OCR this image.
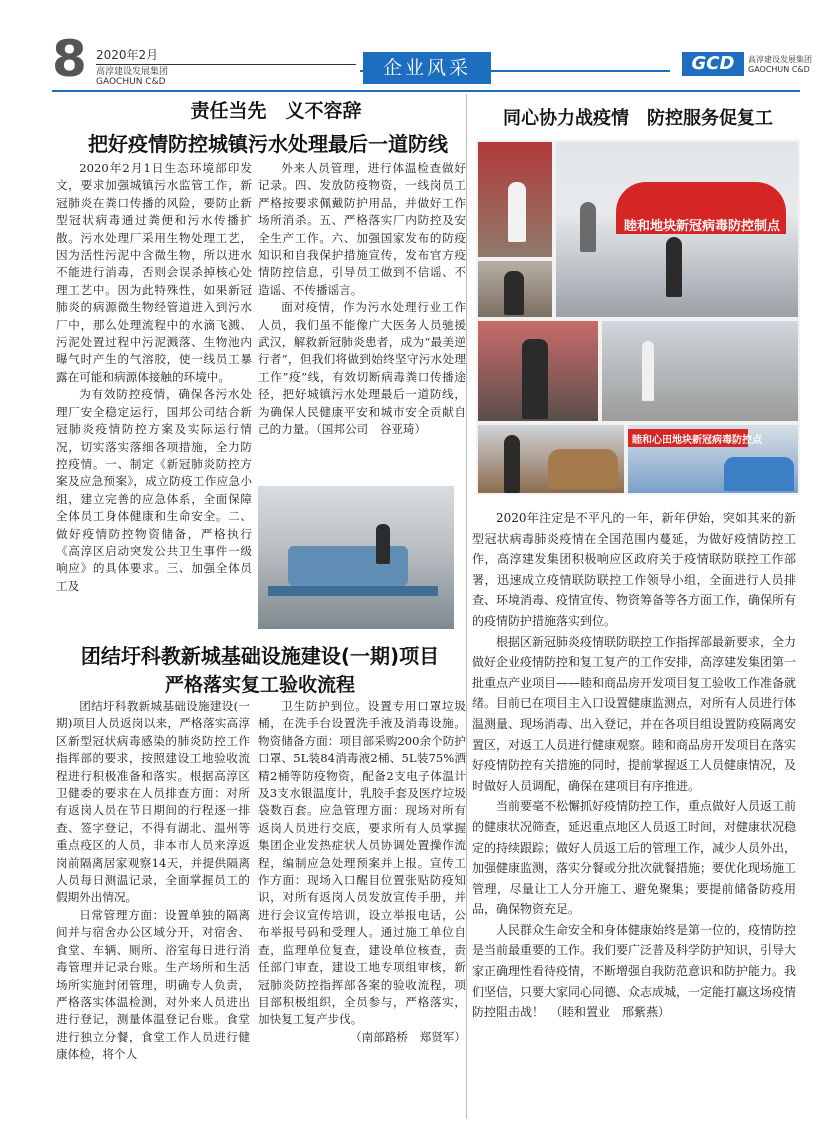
8 2020年2月
高淳建设发展集团
GAOCHUN C&D
企业风采	GCD	高淳建设发展集团
GAOCHUN C&D
责任当先　义不容辞
把好疫情防控城镇污水处理最后一道防线

2020年2月1日生态环境部印发文，要求加强城镇污水监管工作，新冠肺炎在粪口传播的风险，要防止新型冠状病毒通过粪便和污水传播扩散。污水处理厂采用生物处理工艺，因为活性污泥中含微生物，所以进水不能进行消毒，否则会误杀掉核心处理工艺中。因为此特殊性，如果新冠肺炎的病源微生物经管道进入到污水厂中，那么处理流程中的水滴飞溅、污泥处置过程中污泥溅落、生物池内曝气时产生的气溶胶，使一线员工暴露在可能和病源体接触的环境中。

为有效防控疫情，确保各污水处理厂安全稳定运行，国邦公司结合新冠肺炎疫情防控方案及实际运行情况，切实落实落细各项措施，全力防控疫情。一、制定《新冠肺炎防控方案及应急预案》，成立防疫工作应急小组，建立完善的应急体系，全面保障全体员工身体健康和生命安全。二、做好疫情防控物资储备，严格执行《高淳区启动突发公共卫生事件一级响应》的具体要求。三、加强全体员工及

外来人员管理，进行体温检查做好记录。四、发放防疫物资，一线岗员工严格按要求佩戴防护用品，并做好工作场所消杀。五、严格落实厂内防控及安全生产工作。六、加强国家发布的防疫知识和自我保护措施宣传，发布官方疫情防控信息，引导员工做到不信谣、不造谣、不传播谣言。

面对疫情，作为污水处理行业工作人员，我们虽不能像广大医务人员驰援武汉，解救新冠肺炎患者，成为“最美逆行者”，但我们将做到始终坚守污水处理工作”疫”线，有效切断病毒粪口传播途径，把好城镇污水处理最后一道防线，为确保人民健康平安和城市安全贡献自己的力量。（国邦公司　谷亚琦）

团结圩科教新城基础设施建设(一期)项目
严格落实复工验收流程

团结圩科教新城基础设施建设(一期)项目人员返岗以来，严格落实高淳区新型冠状病毒感染的肺炎防控工作指挥部的要求，按照建设工地验收流程进行积极准备和落实。根据高淳区卫健委的要求在人员排查方面：对所有返岗人员在节日期间的行程逐一排查、签字登记，不得有湖北、温州等重点疫区的人员，非本市人员来淳返岗前隔离居家观察14天，并提供隔离人员每日测温记录，全面掌握员工的假期外出情况。

日常管理方面：设置单独的隔离间并与宿舍办公区域分开，对宿舍、食堂、车辆、厕所、浴室每日进行消毒管理并记录台账。生产场所和生活场所实施封闭管理，明确专人负责，严格落实体温检测，对外来人员进出进行登记，测量体温登记台账。食堂进行独立分餐，食堂工作人员进行健康体检，将个人

卫生防护到位。设置专用口罩垃圾桶，在洗手台设置洗手液及消毒设施。物资储备方面：项目部采购200余个防护口罩、5L装84消毒液2桶、5L装75%酒精2桶等防疫物资，配备2支电子体温计及3支水银温度计，乳胶手套及医疗垃圾袋数百套。应急管理方面：现场对所有返岗人员进行交底，要求所有人员掌握集团企业发热症状人员协调处置操作流程，编制应急处理预案并上报。宣传工作方面：现场入口醒目位置张贴防疫知识，对所有返岗人员发放宣传手册，并进行会议宣传培训，设立举报电话，公布举报号码和受理人。通过施工单位自查，监理单位复查，建设单位核查，责任部门审查，建设工地专项组审核，新冠肺炎防控指挥部各案的验收流程，项目部积极组织，全员参与，严格落实，加快复工复产步伐。

（南部路桥　郑贤军）
同心协力战疫情　防控服务促复工
睦和地块新冠病毒防控制点
睦和心田地块新冠病毒防控点

2020年注定是不平凡的一年，新年伊始，突如其来的新型冠状病毒肺炎疫情在全国范围内蔓延，为做好疫情防控工作，高淳建发集团积极响应区政府关于疫情联防联控工作部署，迅速成立疫情联防联控工作领导小组，全面进行人员排查、环境消毒、疫情宣传、物资筹备等各方面工作，确保所有的疫情防护措施落实到位。

根据区新冠肺炎疫情联防联控工作指挥部最新要求，全力做好企业疫情防控和复工复产的工作安排，高淳建发集团第一批重点产业项目——睦和商品房开发项目复工验收工作准备就绪。目前已在项目主入口设置健康监测点，对所有人员进行体温测量、现场消毒、出入登记，并在各项目组设置防疫隔离安置区，对返工人员进行健康观察。睦和商品房开发项目在落实好疫情防控有关措施的同时，提前掌握返工人员健康情况，及时做好人员调配，确保在建项目有序推进。

当前要毫不松懈抓好疫情防控工作，重点做好人员返工前的健康状况筛查，延迟重点地区人员返工时间，对健康状况稳定的持续跟踪；做好人员返工后的管理工作，减少人员外出，加强健康监测，落实分餐或分批次就餐措施；要优化现场施工管理，尽量让工人分开施工、避免聚集；要提前储备防疫用品，确保物资充足。

人民群众生命安全和身体健康始终是第一位的，疫情防控是当前最重要的工作。我们要广泛普及科学防护知识，引导大家正确理性看待疫情，不断增强自我防范意识和防护能力。我们坚信，只要大家同心同德、众志成城，一定能打赢这场疫情防控阻击战！　（睦和置业　邢紫燕）
